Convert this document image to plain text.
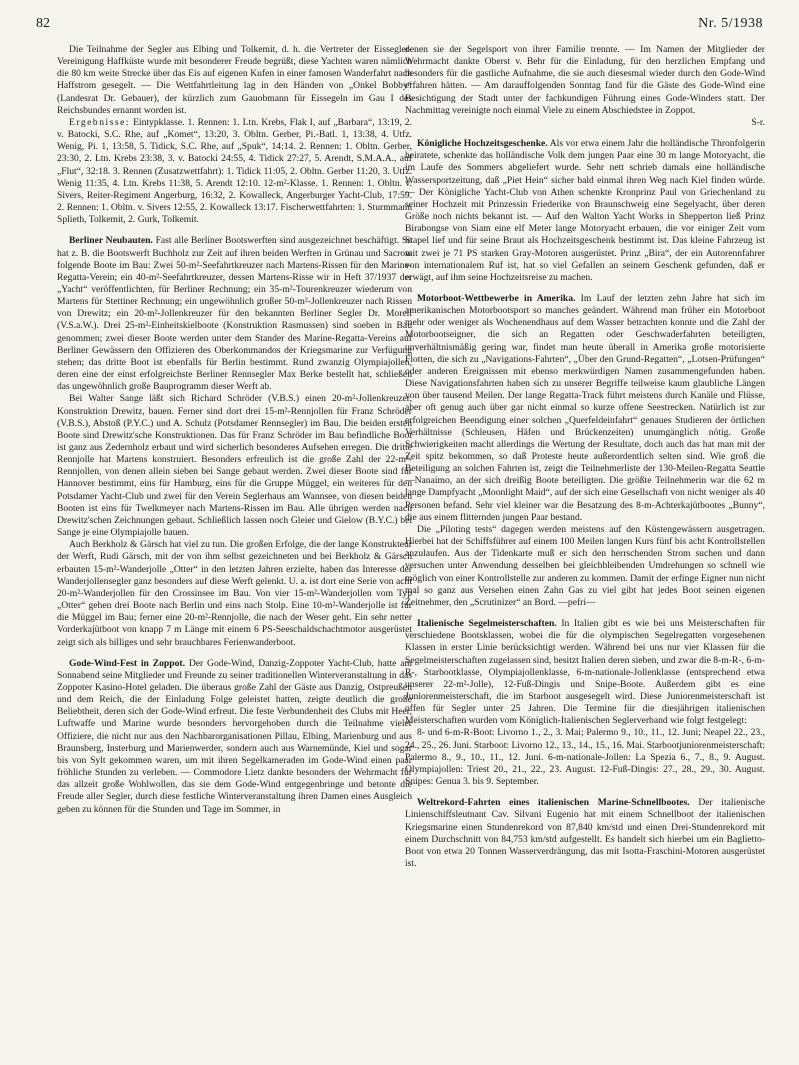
82	Nr. 5/1938

Die Teilnahme der Segler aus Elbing und Tolkemit, d. h. die Vertreter der Eissegler-Vereinigung Haffküste wurde mit besonderer Freude begrüßt, diese Yachten waren nämlich die 80 km weite Strecke über das Eis auf eigenen Kufen in einer famosen Wanderfahrt nach Haffstrom gesegelt. — Die Wettfahrtleitung lag in den Händen von „Onkel Bobby“ (Landesrat Dr. Gebauer), der kürzlich zum Gauobmann für Eissegeln im Gau I des Reichsbundes ernannt worden ist.

Ergebnisse: Eintypklasse. 1. Rennen: 1. Ltn. Krebs, Flak I, auf „Barbara“, 13:19, 2. v. Batocki, S.C. Rhe, auf „Komet“, 13:20, 3. Obltn. Gerber, Pi.-Batl. 1, 13:38, 4. Utfz. Wenig, Pi. 1, 13:58, 5. Tidick, S.C. Rhe, auf „Spuk“, 14:14. 2. Rennen: 1. Obltn. Gerber, 23:30, 2. Ltn. Krebs 23:38, 3. v. Batocki 24:55, 4. Tidick 27:27, 5. Arendt, S.M.A.A., auf „Flut“, 32:18. 3. Rennen (Zusatzwettfahrt): 1. Tidick 11:05, 2. Obltn. Gerber 11:20, 3. Utfz. Wenig 11:35, 4. Ltn. Krebs 11:38, 5. Arendt 12:10. 12-m²-Klasse. 1. Rennen: 1. Obltn. v. Sivers, Reiter-Regiment Angerburg, 16:32, 2. Kowalleck, Angerburger Yacht-Club, 17:59. 2. Rennen: 1. Obltn. v. Sivers 12:55, 2. Kowalleck 13:17. Fischerwettfahrten: 1. Sturmmann Splieth, Tolkemit, 2. Gurk, Tolkemit.

Berliner Neubauten. Fast alle Berliner Bootswerften sind ausgezeichnet beschäftigt. So hat z. B. die Bootswerft Buchholz zur Zeit auf ihren beiden Werften in Grünau und Sacrow folgende Boote im Bau: Zwei 50-m²-Seefahrtkreuzer nach Martens-Rissen für den Marine-Regatta-Verein; ein 40-m²-Seefahrtkreuzer, dessen Martens-Risse wir in Heft 37/1937 der „Yacht“ veröffentlichten, für Berliner Rechnung; ein 35-m²-Tourenkreuzer wiederum von Martens für Stettiner Rechnung; ein ungewöhnlich großer 50-m²-Jollenkreuzer nach Rissen von Drewitz; ein 20-m²-Jollenkreuzer für den bekannten Berliner Segler Dr. Morell (V.S.a.W.). Drei 25-m²-Einheitskielboote (Konstruktion Rasmussen) sind soeben in Bau genommen; zwei dieser Boote werden unter dem Stander des Marine-Regatta-Vereins auf Berliner Gewässern den Offizieren des Oberkommandos der Kriegsmarine zur Verfügung stehen; das dritte Boot ist ebenfalls für Berlin bestimmt. Rund zwanzig Olympiajollen, deren eine der einst erfolgreichste Berliner Rennsegler Max Berke bestellt hat, schließen das ungewöhnlich große Bauprogramm dieser Werft ab.

Bei Walter Sange läßt sich Richard Schröder (V.B.S.) einen 20-m²-Jollenkreuzer, Konstruktion Drewitz, bauen. Ferner sind dort drei 15-m²-Rennjollen für Franz Schröder (V.B.S.), Abstoß (P.Y.C.) und A. Schulz (Potsdamer Rennsegler) im Bau. Die beiden ersten Boote sind Drewitz'sche Konstruktionen. Das für Franz Schröder im Bau befindliche Boot ist ganz aus Zedernholz erbaut und wird sicherlich besonderes Aufsehen erregen. Die dritte Rennjolle hat Martens konstruiert. Besonders erfreulich ist die große Zahl der 22-m²-Rennjollen, von denen allein sieben bei Sange gebaut werden. Zwei dieser Boote sind für Hannover bestimmt, eins für Hamburg, eins für die Gruppe Müggel, ein weiteres für den Potsdamer Yacht-Club und zwei für den Verein Seglerhaus am Wannsee, von diesen beiden Booten ist eins für Twelkmeyer nach Martens-Rissen im Bau. Alle übrigen werden nach Drewitz'schen Zeichnungen gebaut. Schließlich lassen noch Gleier und Gielow (B.Y.C.) bei Sange je eine Olympiajolle bauen.

Auch Berkholz & Gärsch hat viel zu tun. Die großen Erfolge, die der lange Konstrukteur der Werft, Rudi Gärsch, mit der von ihm selbst gezeichneten und bei Berkholz & Gärsch erbauten 15-m²-Wanderjolle „Otter“ in den letzten Jahren erzielte, haben das Interesse der Wanderjollensegler ganz besonders auf diese Werft gelenkt. U. a. ist dort eine Serie von acht 20-m²-Wanderjollen für den Crossinsee im Bau. Von vier 15-m²-Wanderjollen vom Typ „Otter“ gehen drei Boote nach Berlin und eins nach Stolp. Eine 10-m²-Wanderjolle ist für die Müggel im Bau; ferner eine 20-m²-Rennjolle, die nach der Weser geht. Ein sehr netter Vorderkajütboot von knapp 7 m Länge mit einem 6 PS-Seeschaldschachtmotor ausgerüstet zeigt sich als billiges und sehr brauchbares Ferienwanderboot.

Gode-Wind-Fest in Zoppot. Der Gode-Wind, Danzig-Zoppoter Yacht-Club, hatte am Sonnabend seine Mitglieder und Freunde zu seiner traditionellen Winterveranstaltung in das Zoppoter Kasino-Hotel geladen. Die überaus große Zahl der Gäste aus Danzig, Ostpreußen und dem Reich, die der Einladung Folge geleistet hatten, zeigte deutlich die große Beliebtheit, deren sich der Gode-Wind erfreut. Die feste Verbundenheit des Clubs mit Heer, Luftwaffe und Marine wurde besonders hervorgehoben durch die Teilnahme vieler Offiziere, die nicht nur aus den Nachbarorganisationen Pillau, Elbing, Marienburg und aus Braunsberg, Insterburg und Marienwerder, sondern auch aus Warnemünde, Kiel und sogar bis von Sylt gekommen waren, um mit ihren Segelkameraden im Gode-Wind einen paar fröhliche Stunden zu verleben. — Commodore Lietz dankte besonders der Wehrmacht für das allzeit große Wohlwollen, das sie dem Gode-Wind entgegenbringe und betonte die Freude aller Segler, durch diese festliche Winterveranstaltung ihren Damen eines Ausgleich geben zu können für die Stunden und Tage im Sommer, in

denen sie der Segelsport von ihrer Familie trennte. — Im Namen der Mitglieder der Wehrmacht dankte Oberst v. Behr für die Einladung, für den herzlichen Empfang und besonders für die gastliche Aufnahme, die sie auch diesesmal wieder durch den Gode-Wind erfahren hätten. — Am darauffolgenden Sonntag fand für die Gäste des Gode-Wind eine Besichtigung der Stadt unter der fachkundigen Führung eines Gode-Winders statt. Der Nachmittag vereinigte noch einmal Viele zu einem Abschiedstee in Zoppot.

S-r.

Königliche Hochzeitsgeschenke. Als vor etwa einem Jahr die holländische Thronfolgerin heiratete, schenkte das holländische Volk dem jungen Paar eine 30 m lange Motoryacht, die im Laufe des Sommers abgeliefert wurde. Sehr nett schrieb damals eine holländische Wassersportzeitung, daß „Piet Hein“ sicher bald einmal ihren Weg nach Kiel finden würde. — Der Königliche Yacht-Club von Athen schenkte Kronprinz Paul von Griechenland zu seiner Hochzeit mit Prinzessin Friederike von Braunschweig eine Segelyacht, über deren Größe noch nichts bekannt ist. — Auf den Walton Yacht Works in Shepperton ließ Prinz Birabongse von Siam eine elf Meter lange Motoryacht erbauen, die vor einiger Zeit vom Stapel lief und für seine Braut als Hochzeitsgeschenk bestimmt ist. Das kleine Fahrzeug ist mit zwei je 71 PS starken Gray-Motoren ausgerüstet. Prinz „Bira“, der ein Autorennfahrer von internationalem Ruf ist, hat so viel Gefallen an seinem Geschenk gefunden, daß er erwägt, auf ihm seine Hochzeitsreise zu machen.

Motorboot-Wettbewerbe in Amerika. Im Lauf der letzten zehn Jahre hat sich im amerikanischen Motorbootsport so manches geändert. Während man früher ein Motorboot mehr oder weniger als Wochenendhaus auf dem Wasser betrachten konnte und die Zahl der Motorbootseigner, die sich an Regatten oder Geschwaderfahrten beteiligten, unverhältnismäßig gering war, findet man heute überall in Amerika große motorisierte Flotten, die sich zu „Navigations-Fahrten“, „Über den Grund-Regatten“, „Lotsen-Prüfungen“ oder anderen Ereignissen mit ebenso merkwürdigen Namen zusammengefunden haben. Diese Navigationsfahrten haben sich zu unserer Begriffe teilweise kaum glaubliche Längen von über tausend Meilen. Der lange Regatta-Track führt meistens durch Kanäle und Flüsse, aber oft genug auch über gar nicht einmal so kurze offene Seestrecken. Natürlich ist zur erfolgreichen Beendigung einer solchen „Querfeldeinfahrt“ genaues Studieren der örtlichen Verhältnisse (Schleusen, Häfen und Brückenzeiten) unumgänglich nötig. Große Schwierigkeiten macht allerdings die Wertung der Resultate, doch auch das hat man mit der Zeit spitz bekommen, so daß Proteste heute außerordentlich selten sind. Wie groß die Beteiligung an solchen Fahrten ist, zeigt die Teilnehmerliste der 130-Meilen-Regatta Seattle—Nanaimo, an der sich dreißig Boote beteiligten. Die größte Teilnehmerin war die 62 m lange Dampfyacht „Moonlight Maid“, auf der sich eine Gesellschaft von nicht weniger als 40 Personen befand. Sehr viel kleiner war die Besatzung des 8-m-Achterkajütbootes „Bunny“, die aus einem flitternden jungen Paar bestand.

Die „Piloting tests“ dagegen werden meistens auf den Küstengewässern ausgetragen. Hierbei hat der Schiffsführer auf einem 100 Meilen langen Kurs fünf bis acht Kontrollstellen anzulaufen. Aus der Tidenkarte muß er sich den herrschenden Strom suchen und dann versuchen unter Anwendung desselben bei gleichbleibenden Umdrehungen so schnell wie möglich von einer Kontrollstelle zur anderen zu kommen. Damit der erfinge Eigner nun nicht mal so ganz aus Versehen einen Zahn Gas zu viel gibt hat jedes Boot seinen eigenen Zeitnehmer, den „Scrutinizer“ an Bord. —pefri—

Italienische Segelmeisterschaften. In Italien gibt es wie bei uns Meisterschaften für verschiedene Bootsklassen, wobei die für die olympischen Segelregatten vorgesehenen Klassen in erster Linie berücksichtigt werden. Während bei uns nur vier Klassen für die Segelmeisterschaften zugelassen sind, besitzt Italien deren sieben, und zwar die 8-m-R-, 6-m-R-, Starbootklasse, Olympiajollenklasse, 6-m-nationale-Jollenklasse (entsprechend etwa unserer 22-m²-Jolle), 12-Fuß-Dingis und Snipe-Boote. Außerdem gibt es eine Juniorenmeisterschaft, die im Starboot ausgesegelt wird. Diese Juniorenmeisterschaft ist offen für Segler unter 25 Jahren. Die Termine für die diesjährigen italienischen Meisterschaften wurden vom Königlich-Italienischen Seglerverband wie folgt festgelegt:

8- und 6-m-R-Boot: Livorno 1., 2., 3. Mai; Palermo 9., 10., 11., 12. Juni; Neapel 22., 23., 24., 25., 26. Juni. Starboot: Livorno 12., 13., 14., 15., 16. Mai. Starbootjuniorenmeisterschaft: Palermo 8., 9., 10., 11., 12. Juni. 6-m-nationale-Jollen: La Spezia 6., 7., 8., 9. August. Olympiajollen: Triest 20., 21., 22., 23. August. 12-Fuß-Dingis: 27., 28., 29., 30. August. Snipes: Genua 3. bis 9. September.

Weltrekord-Fahrten eines italienischen Marine-Schnellbootes. Der italienische Linienschiffsleutnant Cav. Silvani Eugenio hat mit einem Schnellboot der italienischen Kriegsmarine einen Stundenrekord von 87,840 km/std und einen Drei-Stundenrekord mit einem Durchschnitt von 84,753 km/std aufgestellt. Es handelt sich hierbei um ein Baglietto-Boot von etwa 20 Tonnen Wasserverdrängung, das mit Isotta-Fraschini-Motoren ausgerüstet ist.
